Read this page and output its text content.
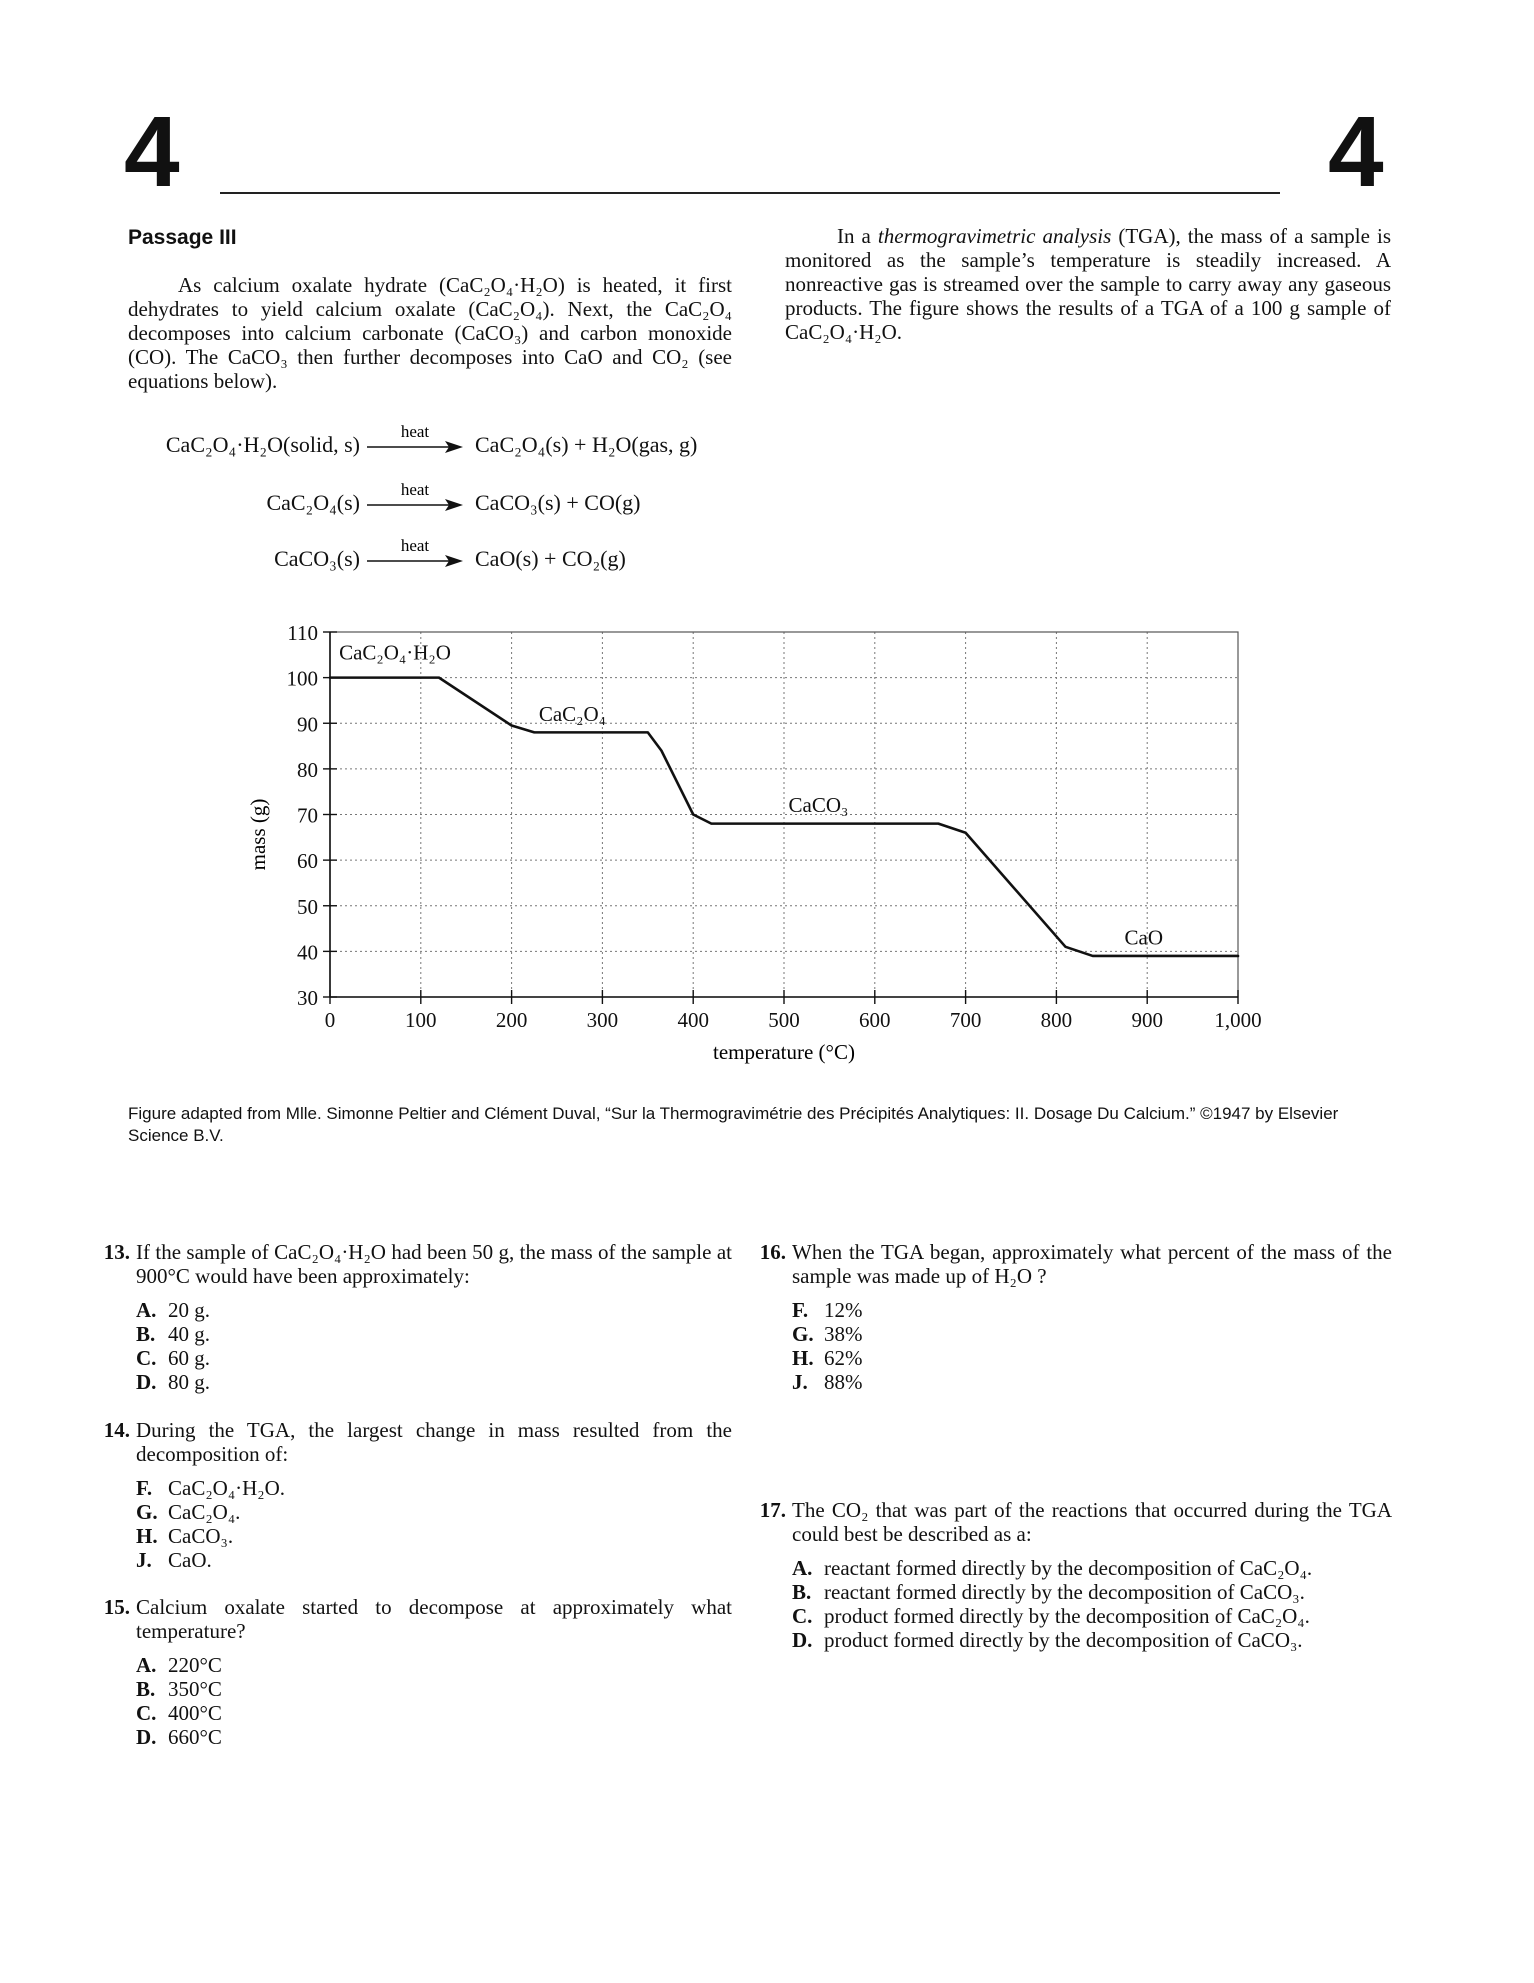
4	4
Passage III

As calcium oxalate hydrate (CaC₂O₄·H₂O) is heated, it first dehydrates to yield calcium oxalate (CaC₂O₄). Next, the CaC₂O₄ decomposes into calcium carbonate (CaCO₃) and carbon monoxide (CO). The CaCO₃ then further decomposes into CaO and CO₂ (see equations below).

In a thermogravimetric analysis (TGA), the mass of a sample is monitored as the sample’s temperature is steadily increased. A nonreactive gas is streamed over the sample to carry away any gaseous products. The figure shows the results of a TGA of a 100 g sample of CaC₂O₄·H₂O.

CaC₂O₄·H₂O(solid, s)
heat
CaC₂O₄(s) + H₂O(gas, g)
CaC₂O₄(s)
heat
CaCO₃(s) + CO(g)
CaCO₃(s)
heat
CaO(s) + CO₂(g)
30
40
50
60
70
80
90
100
110
0	100	200	300	400	500	600	700	800	900 1,000
CaC₂O₄·H₂O
CaC₂O₄
CaCO₃
CaO
temperature (°C)
mass (g)
Figure adapted from Mlle. Simonne Peltier and Clément Duval, “Sur la Thermogravimétrie des Précipités Analytiques: II. Dosage Du Calcium.” ©1947 by Elsevier Science B.V.
13. If the sample of CaC₂O₄·H₂O had been 50 g, the mass of the sample at 900°C would have been approximately:
A. 20 g.
B. 40 g.
C. 60 g.
D. 80 g.
14. During the TGA, the largest change in mass resulted from the decomposition of:
F. CaC₂O₄·H₂O.
G. CaC₂O₄.
H. CaCO₃.
J. CaO.
15. Calcium oxalate started to decompose at approximately what temperature?
A. 220°C
B. 350°C
C. 400°C
D. 660°C
16. When the TGA began, approximately what percent of the mass of the sample was made up of H₂O ?
F. 12%
G. 38%
H. 62%
J. 88%
17. The CO₂ that was part of the reactions that occurred during the TGA could best be described as a:
A. reactant formed directly by the decomposition of CaC₂O₄.
B. reactant formed directly by the decomposition of CaCO₃.
C. product formed directly by the decomposition of CaC₂O₄.
D. product formed directly by the decomposition of CaCO₃.
